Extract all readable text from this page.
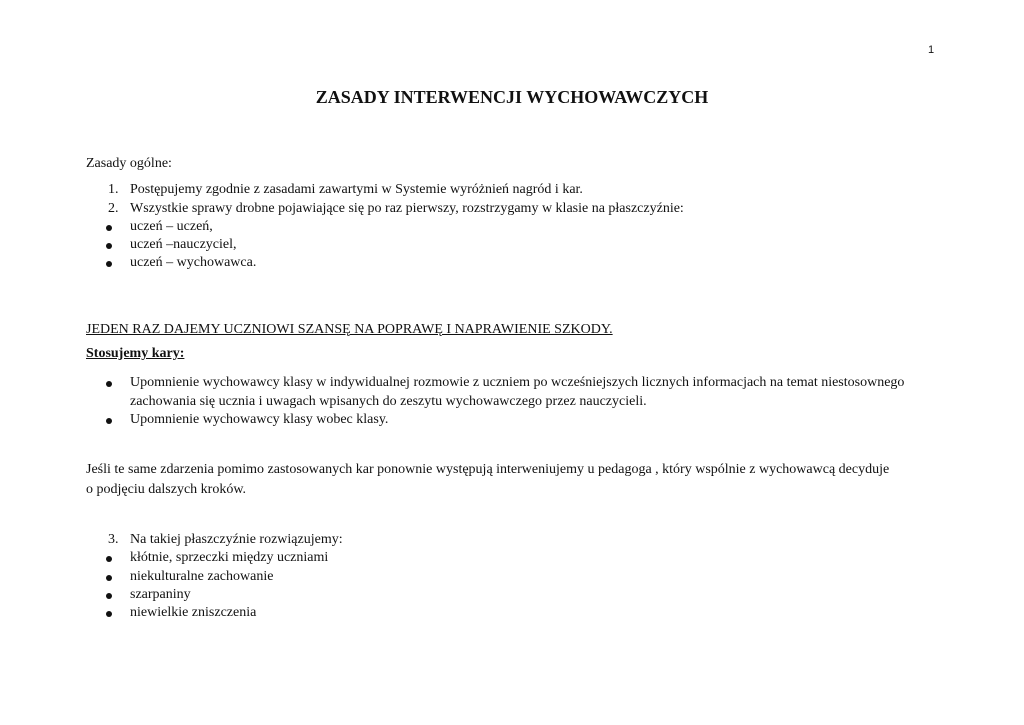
1
ZASADY INTERWENCJI WYCHOWAWCZYCH
Zasady ogólne:
1. Postępujemy zgodnie z zasadami zawartymi w Systemie wyróżnień nagród i kar.
2. Wszystkie sprawy drobne pojawiające się po raz pierwszy, rozstrzygamy w klasie na płaszczyźnie:
uczeń – uczeń,
uczeń –nauczyciel,
uczeń – wychowawca.
JEDEN RAZ DAJEMY UCZNIOWI SZANSĘ NA POPRAWĘ I NAPRAWIENIE SZKODY.
Stosujemy kary:
Upomnienie wychowawcy klasy w indywidualnej rozmowie z uczniem po wcześniejszych licznych informacjach na temat niestosownego
zachowania się ucznia i uwagach wpisanych do zeszytu wychowawczego przez nauczycieli.
Upomnienie wychowawcy klasy wobec klasy.
Jeśli te same zdarzenia pomimo zastosowanych kar ponownie występują interweniujemy u pedagoga , który wspólnie z wychowawcą decyduje
o podjęciu dalszych kroków.
3. Na takiej płaszczyźnie rozwiązujemy:
kłótnie, sprzeczki między uczniami
niekulturalne zachowanie
szarpaniny
niewielkie zniszczenia
